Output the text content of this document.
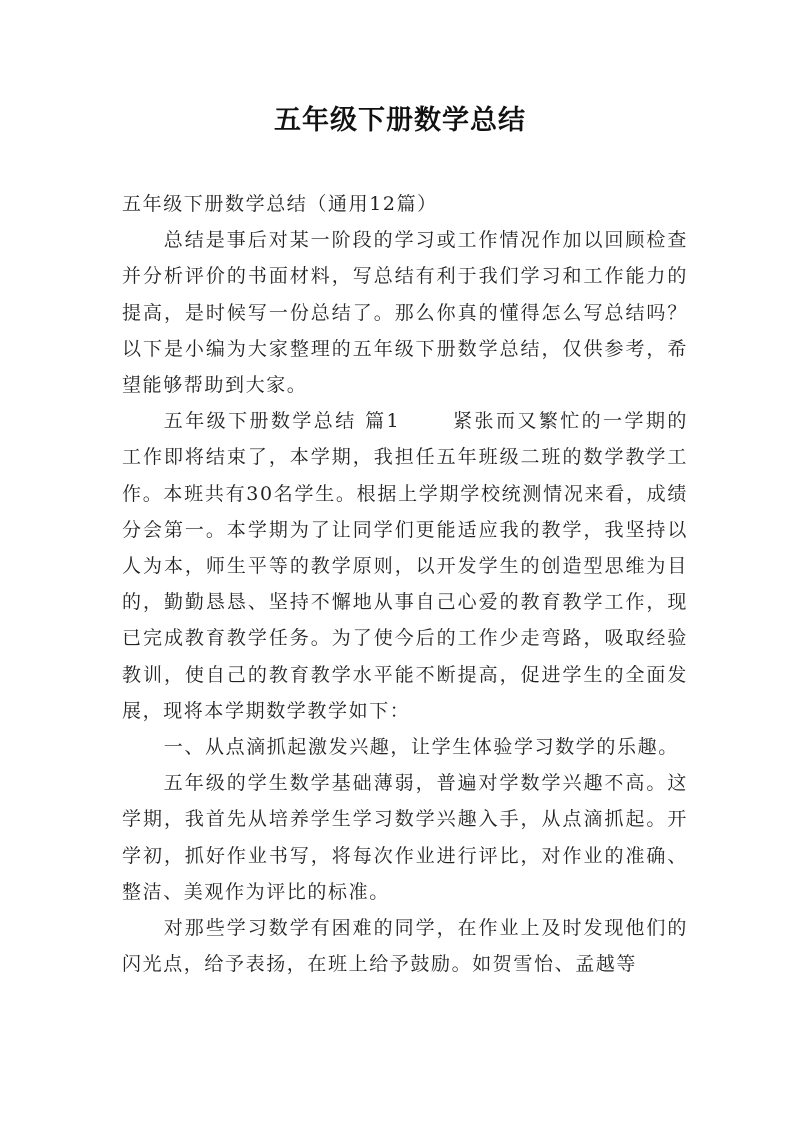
五年级下册数学总结

五年级下册数学总结（通用12篇）

总结是事后对某一阶段的学习或工作情况作加以回顾检查并分析评价的书面材料，写总结有利于我们学习和工作能力的提高，是时候写一份总结了。那么你真的懂得怎么写总结吗？以下是小编为大家整理的五年级下册数学总结，仅供参考，希望能够帮助到大家。

五年级下册数学总结 篇1	紧张而又繁忙的一学期的工作即将结束了，本学期，我担任五年班级二班的数学教学工作。本班共有30名学生。根据上学期学校统测情况来看，成绩分会第一。本学期为了让同学们更能适应我的教学，我坚持以人为本，师生平等的教学原则，以开发学生的创造型思维为目的，勤勤恳恳、坚持不懈地从事自己心爱的教育教学工作，现已完成教育教学任务。为了使今后的工作少走弯路，吸取经验教训，使自己的教育教学水平能不断提高，促进学生的全面发展，现将本学期数学教学如下：

一、从点滴抓起激发兴趣，让学生体验学习数学的乐趣。

五年级的学生数学基础薄弱，普遍对学数学兴趣不高。这学期，我首先从培养学生学习数学兴趣入手，从点滴抓起。开学初，抓好作业书写，将每次作业进行评比，对作业的准确、整洁、美观作为评比的标准。

对那些学习数学有困难的同学，在作业上及时发现他们的闪光点，给予表扬，在班上给予鼓励。如贺雪怡、孟越等
